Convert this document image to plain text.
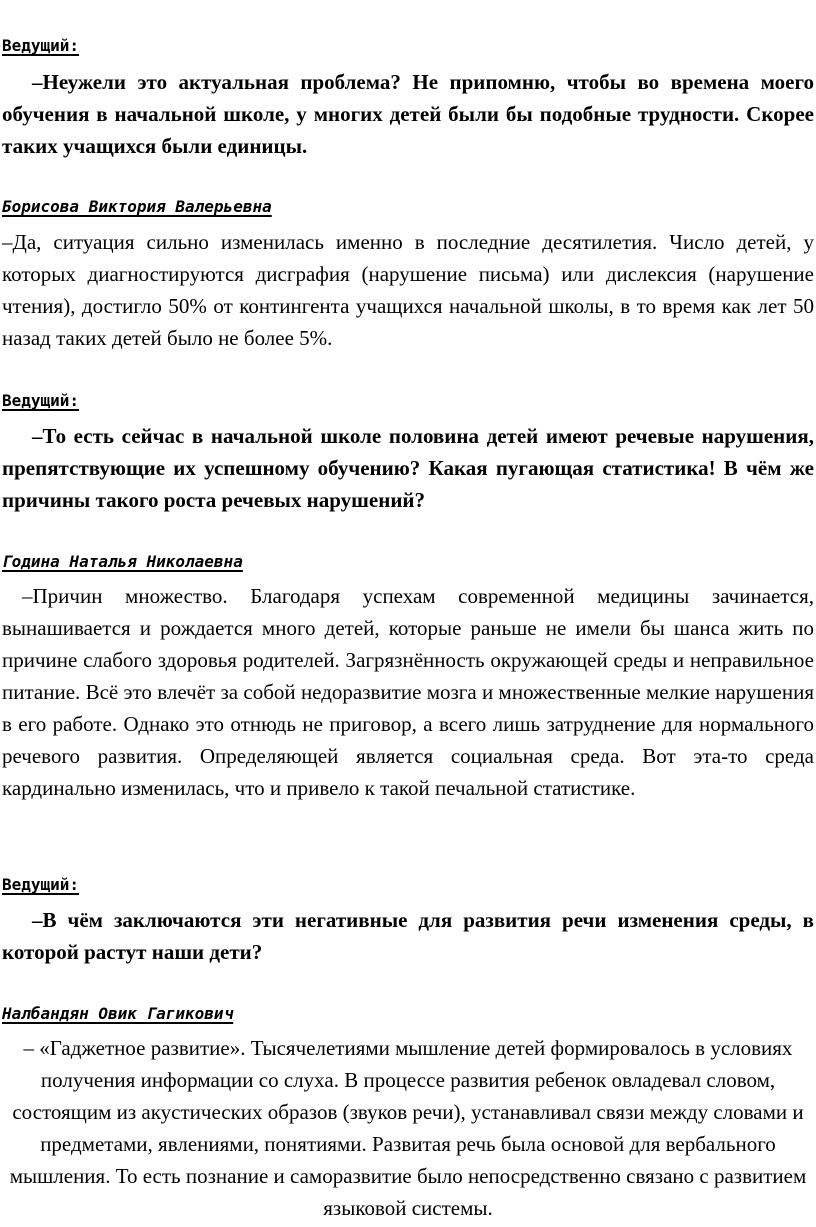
Ведущий:

–Неужели это актуальная проблема? Не припомню, чтобы во времена моего обучения в начальной школе, у многих детей были бы подобные трудности. Скорее таких учащихся были единицы.

Борисова Виктория Валерьевна

–Да, ситуация сильно изменилась именно в последние десятилетия. Число детей, у которых диагностируются дисграфия (нарушение письма) или дислексия (нарушение чтения), достигло 50% от контингента учащихся начальной школы, в то время как лет 50 назад таких детей было не более 5%.

Ведущий:

–То есть сейчас в начальной школе половина детей имеют речевые нарушения, препятствующие их успешному обучению? Какая пугающая статистика! В чём же причины такого роста речевых нарушений?

Година Наталья Николаевна

–Причин множество. Благодаря успехам современной медицины зачинается, вынашивается и рождается много детей, которые раньше не имели бы шанса жить по причине слабого здоровья родителей. Загрязнённость окружающей среды и неправильное питание. Всё это влечёт за собой недоразвитие мозга и множественные мелкие нарушения в его работе. Однако это отнюдь не приговор, а всего лишь затруднение для нормального речевого развития. Определяющей является социальная среда. Вот эта-то среда кардинально изменилась, что и привело к такой печальной статистике.

Ведущий:

–В чём заключаются эти негативные для развития речи изменения среды, в которой растут наши дети?

Налбандян Овик Гагикович

– «Гаджетное развитие». Тысячелетиями мышление детей формировалось в условиях получения информации со слуха. В процессе развития ребенок овладевал словом, состоящим из акустических образов (звуков речи), устанавливал связи между словами и предметами, явлениями, понятиями. Развитая речь была основой для вербального мышления. То есть познание и саморазвитие было непосредственно связано с развитием языковой системы.
